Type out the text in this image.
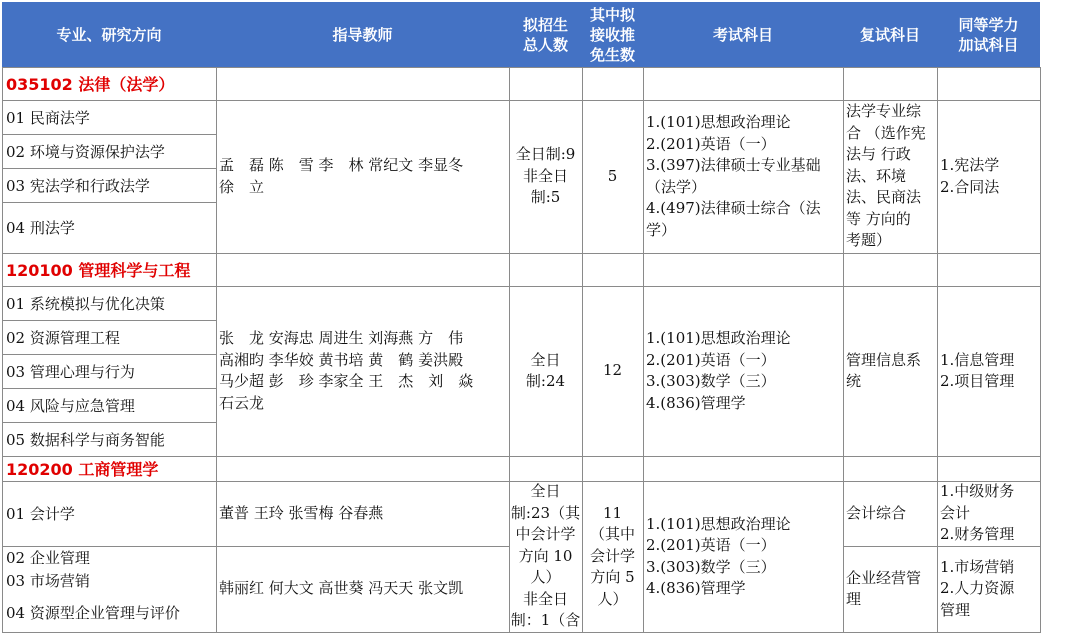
专业、研究方向	指导教师
拟招生
总人数
其中拟
接收推
免生数
考试科目	复试科目
同等学力
加试科目
035102 法律（法学）
01 民商法学
02 环境与资源保护法学
03 宪法学和行政法学
04 刑法学
孟　磊 陈　雪 李　林 常纪文 李显冬
徐　立
全日制:9
非全日
制:5
5
1.(101)思想政治理论
2.(201)英语（一）
3.(397)法律硕士专业基础
（法学）
4.(497)法律硕士综合（法
学）
法学专业综
合 （选作宪
法与 行政
法、环境
法、民商法
等 方向的
考题）
1.宪法学
2.合同法
120100 管理科学与工程
01 系统模拟与优化决策
02 资源管理工程
03 管理心理与行为
04 风险与应急管理
05 数据科学与商务智能
张　龙 安海忠 周进生 刘海燕 方　伟
高湘昀 李华姣 黄书培 黄　鹤 姜洪殿
马少超 彭　珍 李家全 王　杰　刘　焱
石云龙
全日
制:24
12
1.(101)思想政治理论
2.(201)英语（一）
3.(303)数学（三）
4.(836)管理学
管理信息系
统
1.信息管理
2.项目管理
120200 工商管理学
01 会计学
02 企业管理
03 市场营销
04 资源型企业管理与评价
董普 王玲 张雪梅 谷春燕
韩丽红 何大文 高世葵 冯天天 张文凯
全日
制:23（其
中会计学
方向 10
人）
非全日
制：1（含
11
（其中
会计学
方向 5
人）
1.(101)思想政治理论
2.(201)英语（一）
3.(303)数学（三）
4.(836)管理学
会计综合
企业经营管
理
1.中级财务
会计
2.财务管理
1.市场营销
2.人力资源
管理
